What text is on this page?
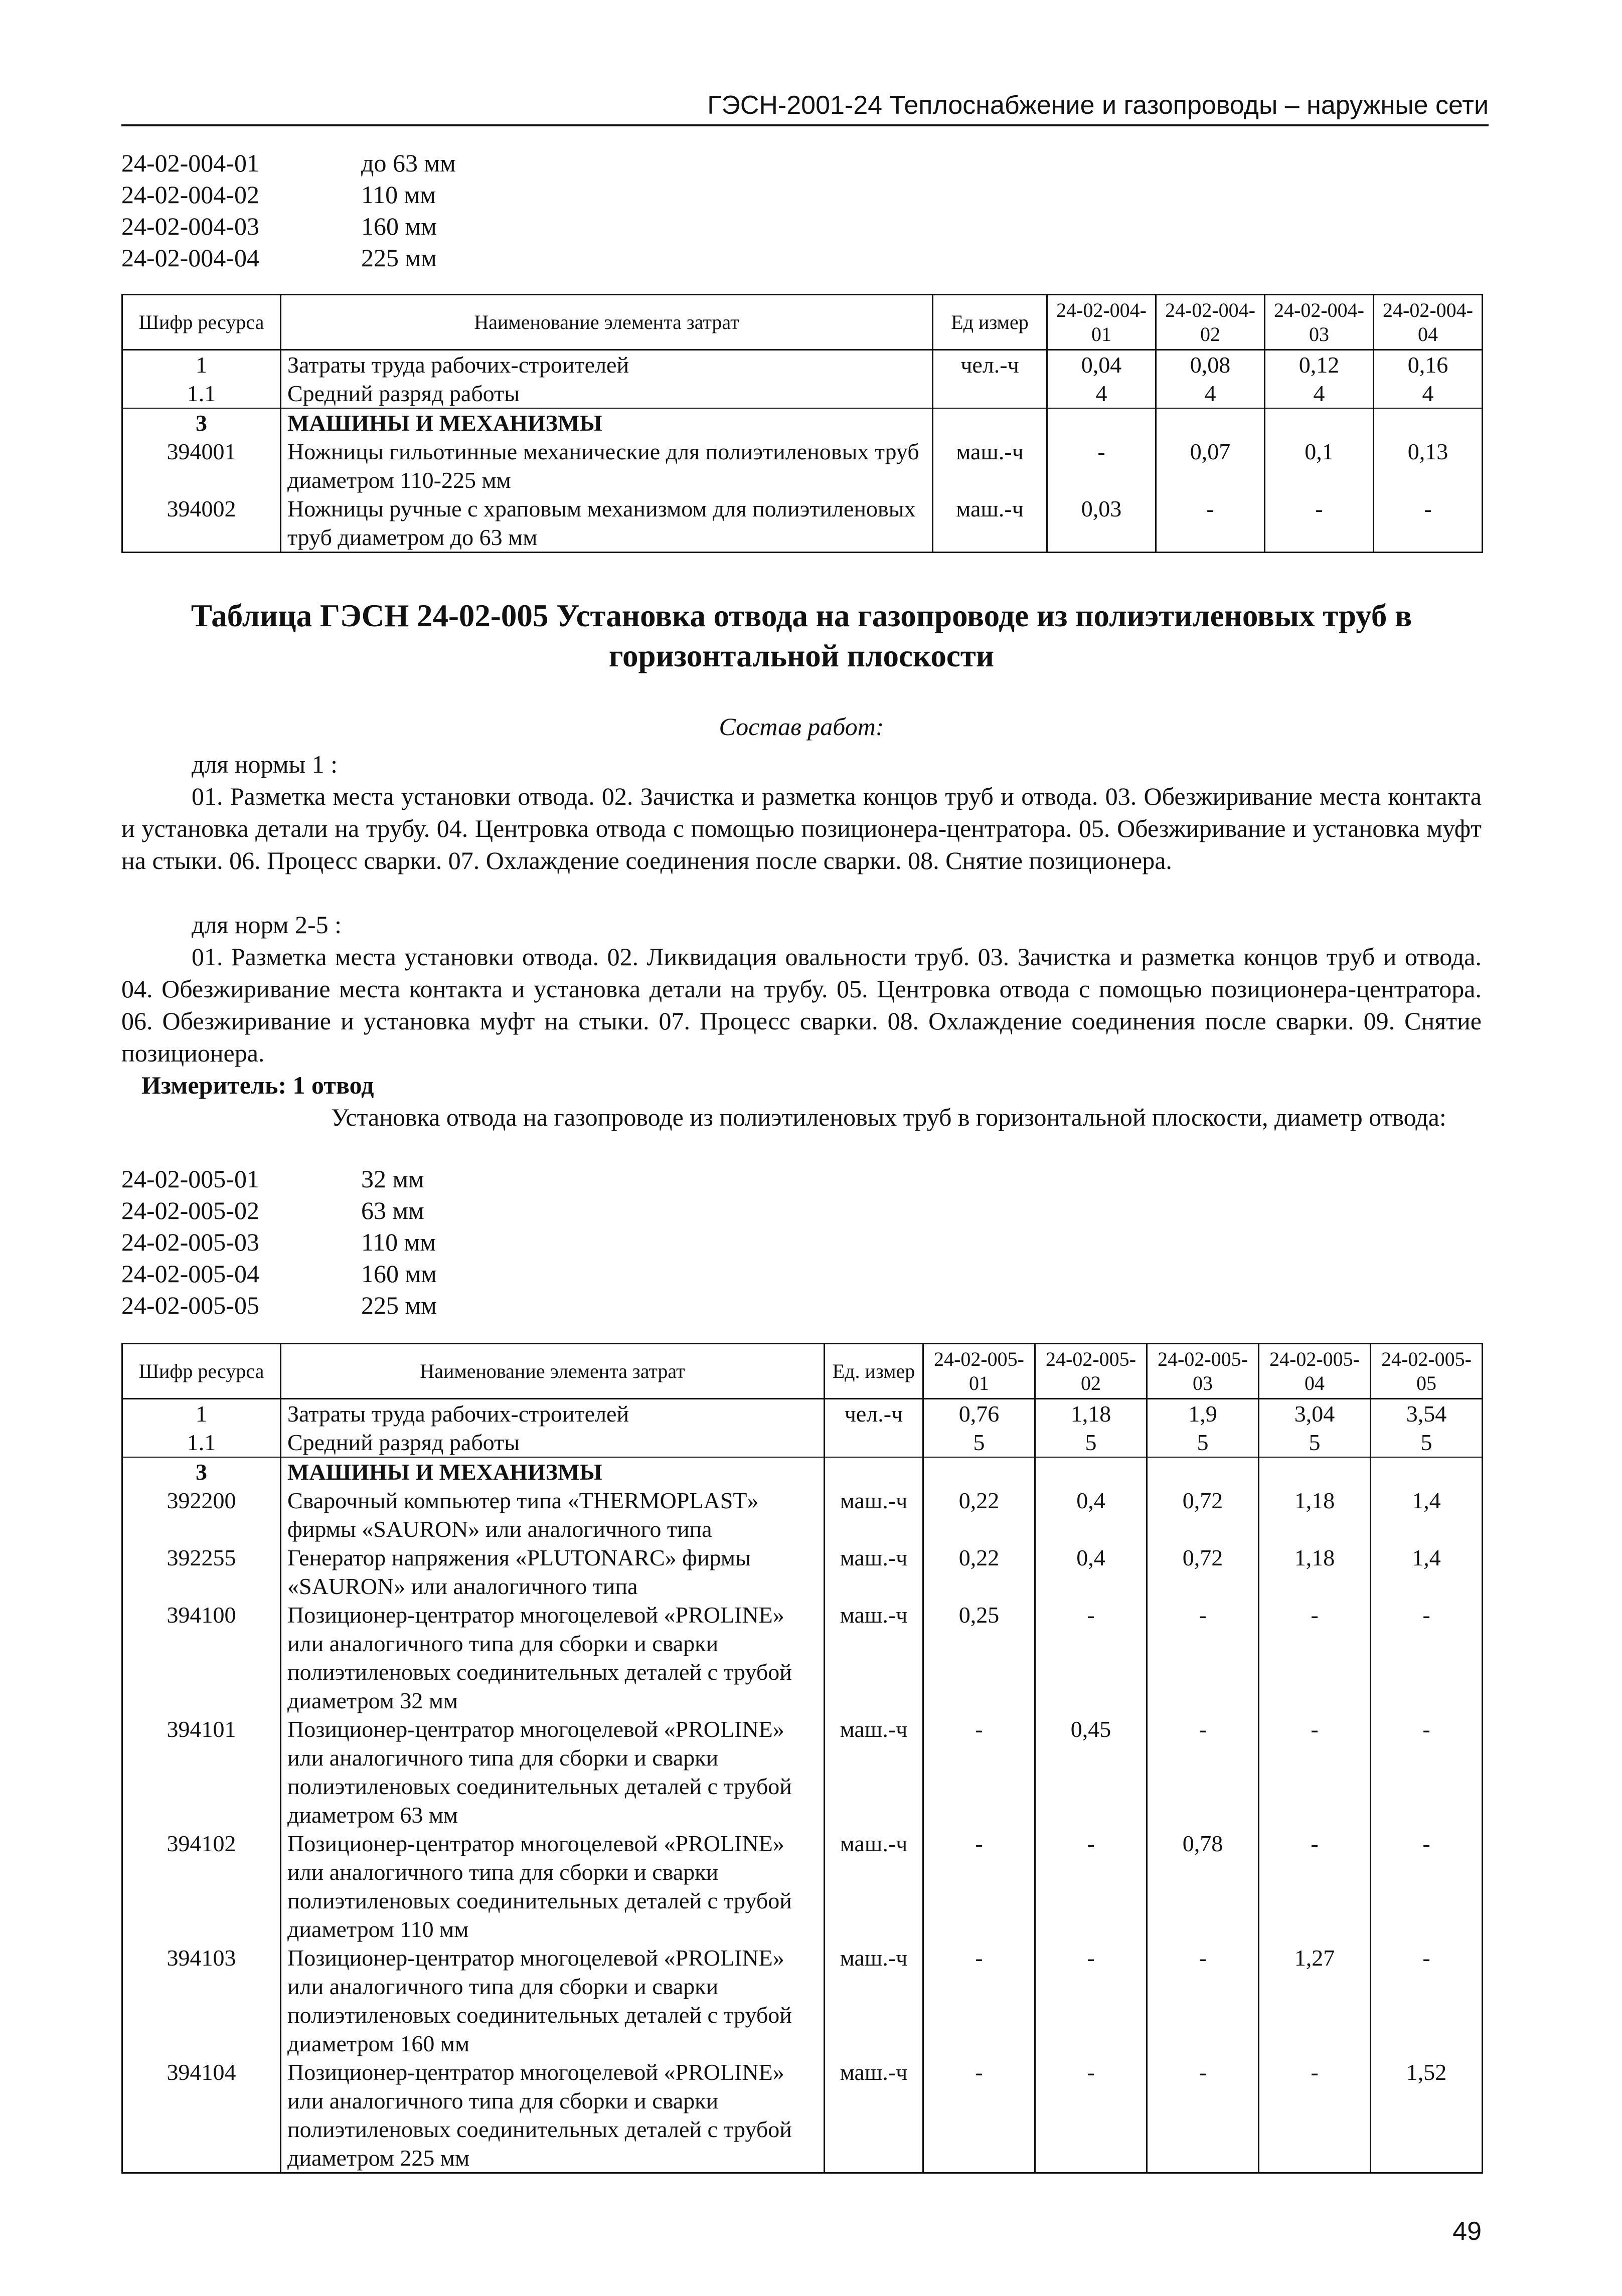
ГЭСН-2001-24 Теплоснабжение и газопроводы – наружные сети
24-02-004-01	до 63 мм
24-02-004-02	110 мм
24-02-004-03	160 мм
24-02-004-04	225 мм
Шифр ресурса	Наименование элемента затрат	Ед измер	24-02-004-01	24-02-004-02	24-02-004-03	24-02-004-04
1	Затраты труда рабочих-строителей	чел.-ч	0,04	0,08	0,12	0,16
1.1	Средний разряд работы		4	4	4	4
3	МАШИНЫ И МЕХАНИЗМЫ					
394001	Ножницы гильотинные механические для полиэтиленовых труб диаметром 110-225 мм	маш.-ч	-	0,07	0,1	0,13
394002	Ножницы ручные с храповым механизмом для полиэтиленовых труб диаметром до 63 мм	маш.-ч	0,03	-	-	-
Таблица ГЭСН 24-02-005 Установка отвода на газопроводе из полиэтиленовых труб в горизонтальной плоскости
Состав работ:
для нормы 1 :
01. Разметка места установки отвода. 02. Зачистка и разметка концов труб и отвода. 03. Обезжиривание места контакта и установка детали на трубу. 04. Центровка отвода с помощью позиционера-центратора. 05. Обезжиривание и установка муфт на стыки. 06. Процесс сварки. 07. Охлаждение соединения после сварки. 08. Снятие позиционера.
для норм 2-5 :
01. Разметка места установки отвода. 02. Ликвидация овальности труб. 03. Зачистка и разметка концов труб и отвода. 04. Обезжиривание места контакта и установка детали на трубу. 05. Центровка отвода с помощью позиционера-центратора. 06. Обезжиривание и установка муфт на стыки. 07. Процесс сварки. 08. Охлаждение соединения после сварки. 09. Снятие позиционера.
Измеритель: 1 отвод
Установка отвода на газопроводе из полиэтиленовых труб в горизонтальной плоскости, диаметр отвода:
24-02-005-01	32 мм
24-02-005-02	63 мм
24-02-005-03	110 мм
24-02-005-04	160 мм
24-02-005-05	225 мм
Шифр ресурса	Наименование элемента затрат	Ед. измер	24-02-005-01	24-02-005-02	24-02-005-03	24-02-005-04	24-02-005-05
1	Затраты труда рабочих-строителей	чел.-ч	0,76	1,18	1,9	3,04	3,54
1.1	Средний разряд работы		5	5	5	5	5
3	МАШИНЫ И МЕХАНИЗМЫ						
392200	Сварочный компьютер типа «THERMOPLAST» фирмы «SAURON» или аналогичного типа	маш.-ч	0,22	0,4	0,72	1,18	1,4
392255	Генератор напряжения «PLUTONARC» фирмы «SAURON» или аналогичного типа	маш.-ч	0,22	0,4	0,72	1,18	1,4
394100	Позиционер-центратор многоцелевой «PROLINE» или аналогичного типа для сборки и сварки полиэтиленовых соединительных деталей с трубой диаметром 32 мм	маш.-ч	0,25	-	-	-	-
394101	Позиционер-центратор многоцелевой «PROLINE» или аналогичного типа для сборки и сварки полиэтиленовых соединительных деталей с трубой диаметром 63 мм	маш.-ч	-	0,45	-	-	-
394102	Позиционер-центратор многоцелевой «PROLINE» или аналогичного типа для сборки и сварки полиэтиленовых соединительных деталей с трубой диаметром 110 мм	маш.-ч	-	-	0,78	-	-
394103	Позиционер-центратор многоцелевой «PROLINE» или аналогичного типа для сборки и сварки полиэтиленовых соединительных деталей с трубой диаметром 160 мм	маш.-ч	-	-	-	1,27	-
394104	Позиционер-центратор многоцелевой «PROLINE» или аналогичного типа для сборки и сварки полиэтиленовых соединительных деталей с трубой диаметром 225 мм	маш.-ч	-	-	-	-	1,52
49
